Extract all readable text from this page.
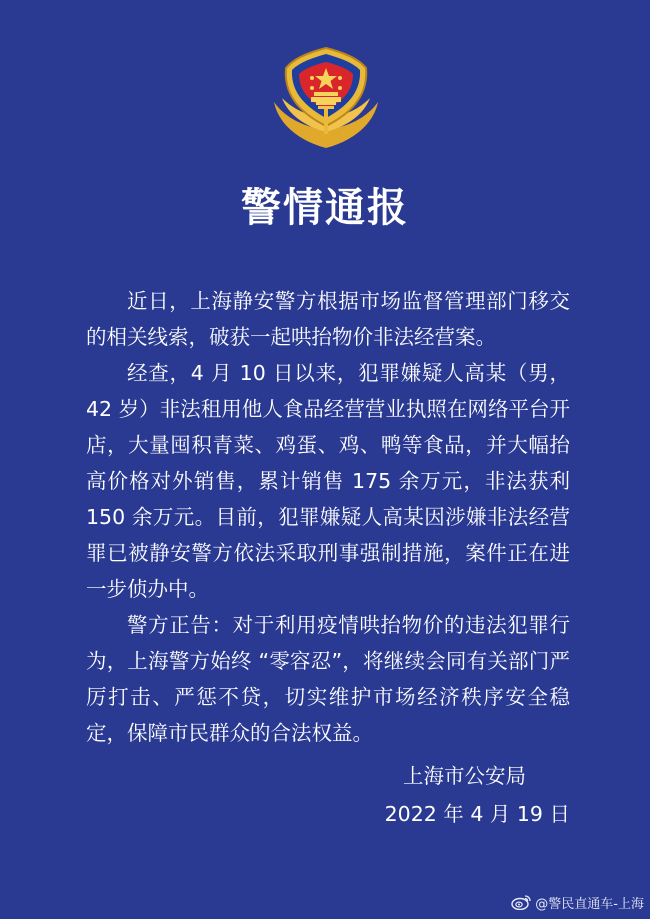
警情通报

近日，上海静安警方根据市场监督管理部门移交的相关线索，破获一起哄抬物价非法经营案。

经查，4 月 10 日以来，犯罪嫌疑人高某（男，42 岁）非法租用他人食品经营营业执照在网络平台开店，大量囤积青菜、鸡蛋、鸡、鸭等食品，并大幅抬高价格对外销售，累计销售 175 余万元，非法获利 150 余万元。目前，犯罪嫌疑人高某因涉嫌非法经营罪已被静安警方依法采取刑事强制措施，案件正在进一步侦办中。

警方正告：对于利用疫情哄抬物价的违法犯罪行为，上海警方始终 “零容忍”，将继续会同有关部门严厉打击、严惩不贷，切实维护市场经济秩序安全稳定，保障市民群众的合法权益。

上海市公安局
2022 年 4 月 19 日
@警民直通车-上海
